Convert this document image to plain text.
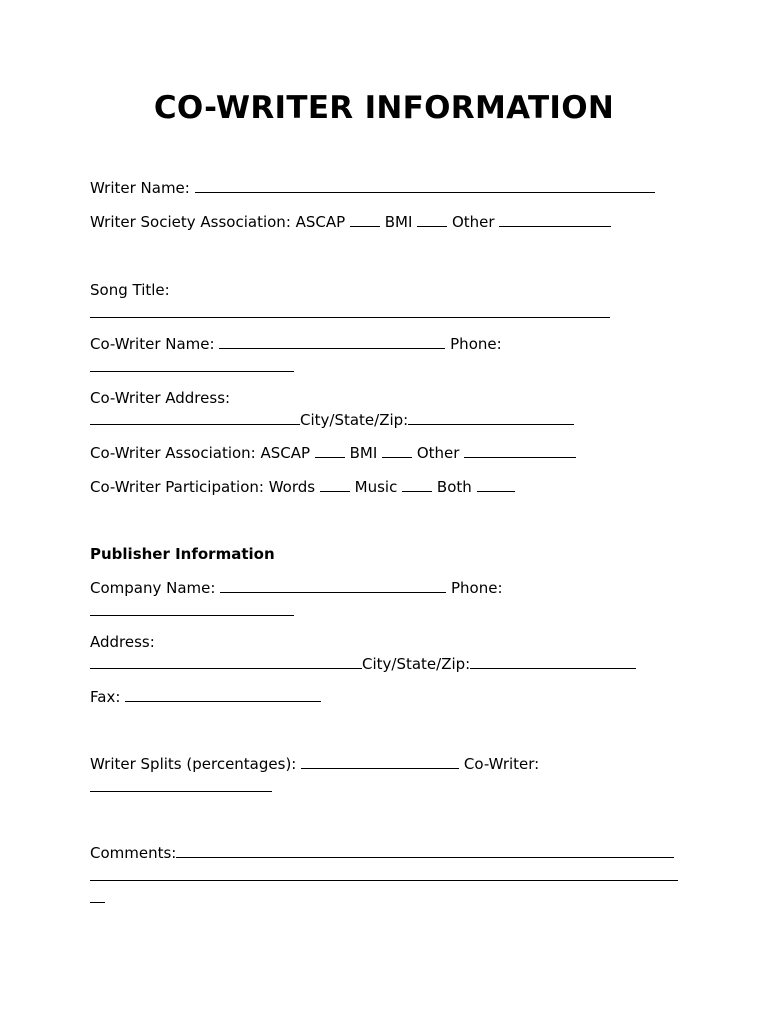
CO-WRITER INFORMATION

Writer Name:

Writer Society Association: ASCAP	BMI	Other

Song Title:

Co-Writer Name:	Phone:

Co-Writer Address:

City/State/Zip:

Co-Writer Association: ASCAP	BMI	Other

Co-Writer Participation: Words	Music	Both

Publisher Information

Company Name:	Phone:

Address:

City/State/Zip:

Fax:

Writer Splits (percentages):	Co-Writer:

Comments:
